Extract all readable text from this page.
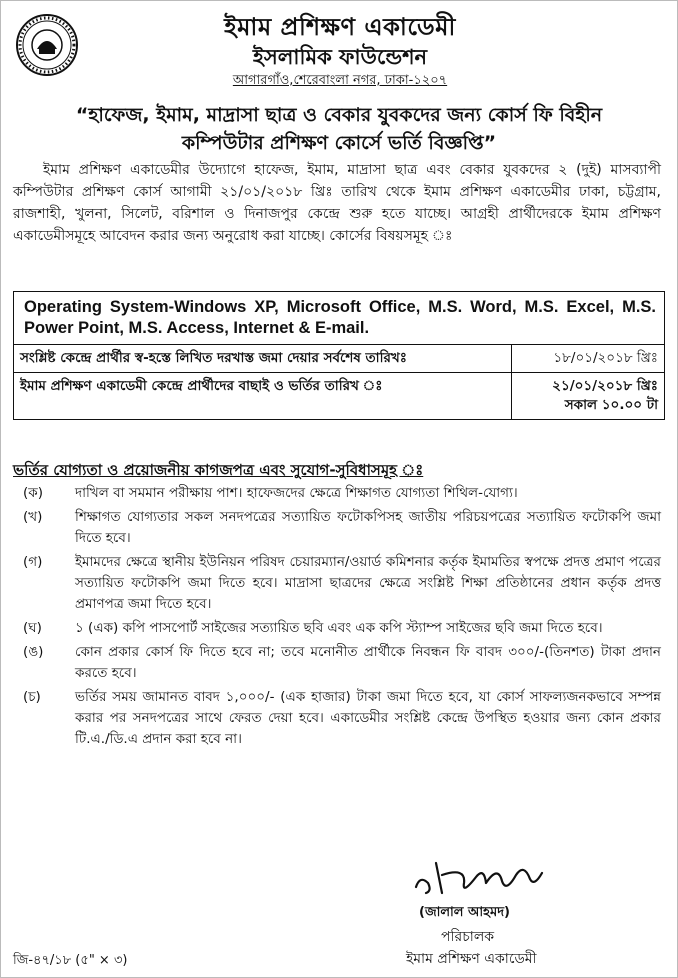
ইমাম প্রশিক্ষণ একাডেমী
ইসলামিক ফাউন্ডেশন
আগারগাঁও,শেরেবাংলা নগর, ঢাকা-১২০৭
“হাফেজ, ইমাম, মাদ্রাসা ছাত্র ও বেকার যুবকদের জন্য কোর্স ফি বিহীন
কম্পিউটার প্রশিক্ষণ কোর্সে ভর্তি বিজ্ঞপ্তি”
ইমাম প্রশিক্ষণ একাডেমীর উদ্যোগে হাফেজ, ইমাম, মাদ্রাসা ছাত্র এবং বেকার যুবকদের ২ (দুই) মাসব্যাপী কম্পিউটার প্রশিক্ষণ কোর্স আগামী ২১/০১/২০১৮ খ্রিঃ তারিখ থেকে ইমাম প্রশিক্ষণ একাডেমীর ঢাকা, চট্টগ্রাম, রাজশাহী, খুলনা, সিলেট, বরিশাল ও দিনাজপুর কেন্দ্রে শুরু হতে যাচ্ছে। আগ্রহী প্রার্থীদেরকে ইমাম প্রশিক্ষণ একাডেমীসমূহে আবেদন করার জন্য অনুরোধ করা যাচ্ছে। কোর্সের বিষয়সমূহ ঃ
Operating System-Windows XP, Microsoft Office, M.S. Word, M.S. Excel, M.S. Power Point, M.S. Access, Internet & E-mail.
সংশ্লিষ্ট কেন্দ্রে প্রার্থীর স্ব-হস্তে লিখিত দরখাস্ত জমা দেয়ার সর্বশেষ তারিখঃ	১৮/০১/২০১৮ খ্রিঃ
ইমাম প্রশিক্ষণ একাডেমী কেন্দ্রে প্রার্থীদের বাছাই ও ভর্তির তারিখ ঃ	২১/০১/২০১৮ খ্রিঃ সকাল ১০.০০ টা
ভর্তির যোগ্যতা ও প্রয়োজনীয় কাগজপত্র এবং সুযোগ-সুবিধাসমূহ ঃ
(ক)	দাখিল বা সমমান পরীক্ষায় পাশ। হাফেজদের ক্ষেত্রে শিক্ষাগত যোগ্যতা শিথিল-যোগ্য।
(খ)	শিক্ষাগত যোগ্যতার সকল সনদপত্রের সত্যায়িত ফটোকপিসহ জাতীয় পরিচয়পত্রের সত্যায়িত ফটোকপি জমা দিতে হবে।
(গ)	ইমামদের ক্ষেত্রে স্থানীয় ইউনিয়ন পরিষদ চেয়ারম্যান/ওয়ার্ড কমিশনার কর্তৃক ইমামতির স্বপক্ষে প্রদত্ত প্রমাণ পত্রের সত্যায়িত ফটোকপি জমা দিতে হবে। মাদ্রাসা ছাত্রদের ক্ষেত্রে সংশ্লিষ্ট শিক্ষা প্রতিষ্ঠানের প্রধান কর্তৃক প্রদত্ত প্রমাণপত্র জমা দিতে হবে।
(ঘ)	১ (এক) কপি পাসপোর্ট সাইজের সত্যায়িত ছবি এবং এক কপি স্ট্যাম্প সাইজের ছবি জমা দিতে হবে।
(ঙ)	কোন প্রকার কোর্স ফি দিতে হবে না; তবে মনোনীত প্রার্থীকে নিবন্ধন ফি বাবদ ৩০০/-(তিনশত) টাকা প্রদান করতে হবে।
(চ)	ভর্তির সময় জামানত বাবদ ১,০০০/- (এক হাজার) টাকা জমা দিতে হবে, যা কোর্স সাফল্যজনকভাবে সম্পন্ন করার পর সনদপত্রের সাথে ফেরত দেয়া হবে। একাডেমীর সংশ্লিষ্ট কেন্দ্রে উপস্থিত হওয়ার জন্য কোন প্রকার টি.এ./ডি.এ প্রদান করা হবে না।
(জালাল আহমদ)
পরিচালক
ইমাম প্রশিক্ষণ একাডেমী
জি-৪৭/১৮ (৫" × ৩)
